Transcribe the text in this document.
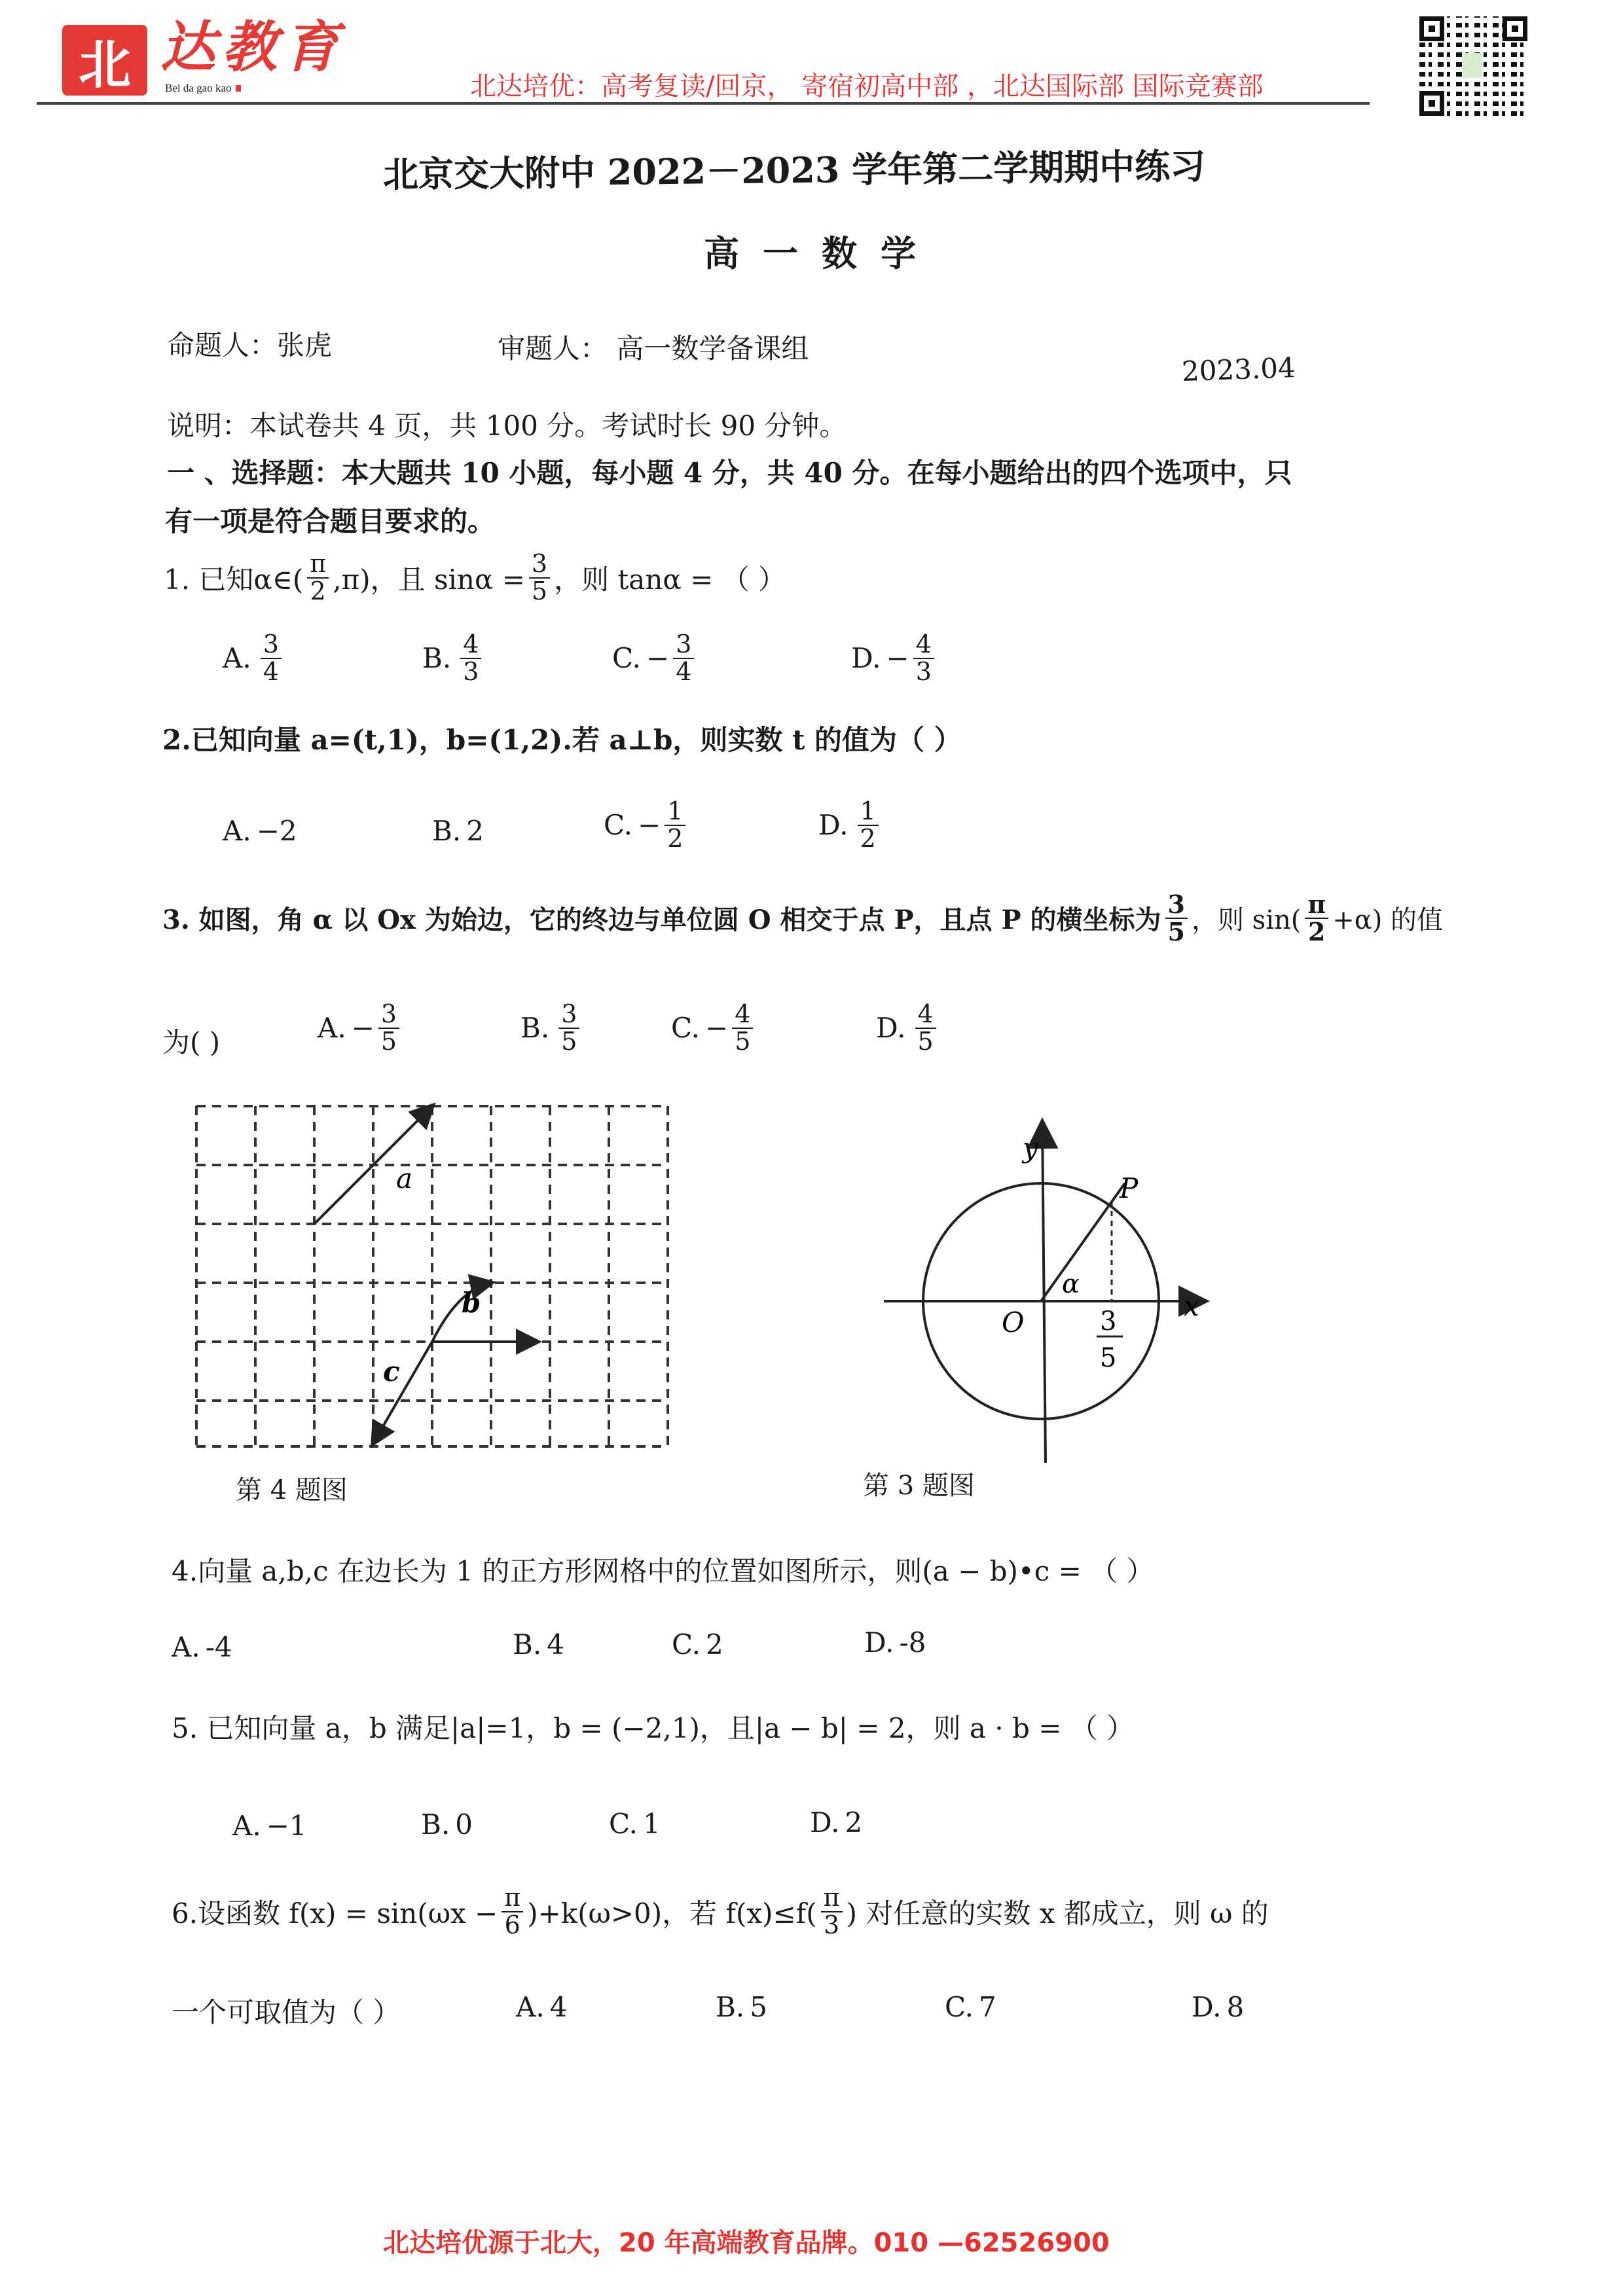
北 达教育
Bei da gao kao	北达培优：高考复读/回京， 寄宿初高中部 ，北达国际部 国际竞赛部
北京交大附中 2022－2023 学年第二学期期中练习
高一数学
命题人：张虎	审题人： 高一数学备课组
2023.04
说明：本试卷共 4 页，共 100 分。考试时长 90 分钟。
一 、选择题：本大题共 10 小题，每小题 4 分，共 40 分。在每小题给出的四个选项中，只
有一项是符合题目要求的。
1. 已知α∈( $\frac{\pi}{2} ,\pi$)，且 $\sin\alpha = \frac{3}{5}$ ，则 tanα = （ ）
A. $\frac{3}{4}$	B. $\frac{4}{3}$	C. − $\frac{3}{4}$	D. − $\frac{4}{3}$
2.已知向量 a=(t,1)，b=(1,2).若 a⊥b，则实数 t 的值为（ ）
A. −2	B. 2	C. − $\frac{1}{2}$	D. $\frac{1}{2}$
3. 如图，角 α 以 Ox 为始边，它的终边与单位圆 O 相交于点 P，且点 P 的横坐标为 $\frac{3}{5}$ ，则 $\sin( \frac{\pi}{2} +\alpha)$ 的值
为( )	A. − $\frac{3}{5}$	B. $\frac{3}{5}$	C. − $\frac{4}{5}$	D. $\frac{4}{5}$
a
b
c
第 4 题图
y
x
O
P
α
3
5
第 3 题图
4.向量 a,b,c 在边长为 1 的正方形网格中的位置如图所示，则(a − b)•c = （ ）
A. -4	B. 4	C. 2	D. -8
5. 已知向量 a，b 满足|a|=1，b = (−2,1)，且|a − b| = 2，则 a · b = （ ）
A. −1	B. 0	C. 1	D. 2
6.设函数 $f(x) = \sin(\omega x - \frac{\pi}{6} )+k(\omega>0)$，若 $f(x)\le f( \frac{\pi}{3}$ ) 对任意的实数 x 都成立，则 ω 的
一个可取值为（ ）	A. 4	B. 5	C. 7	D. 8
北达培优源于北大，20 年高端教育品牌。010 —62526900
